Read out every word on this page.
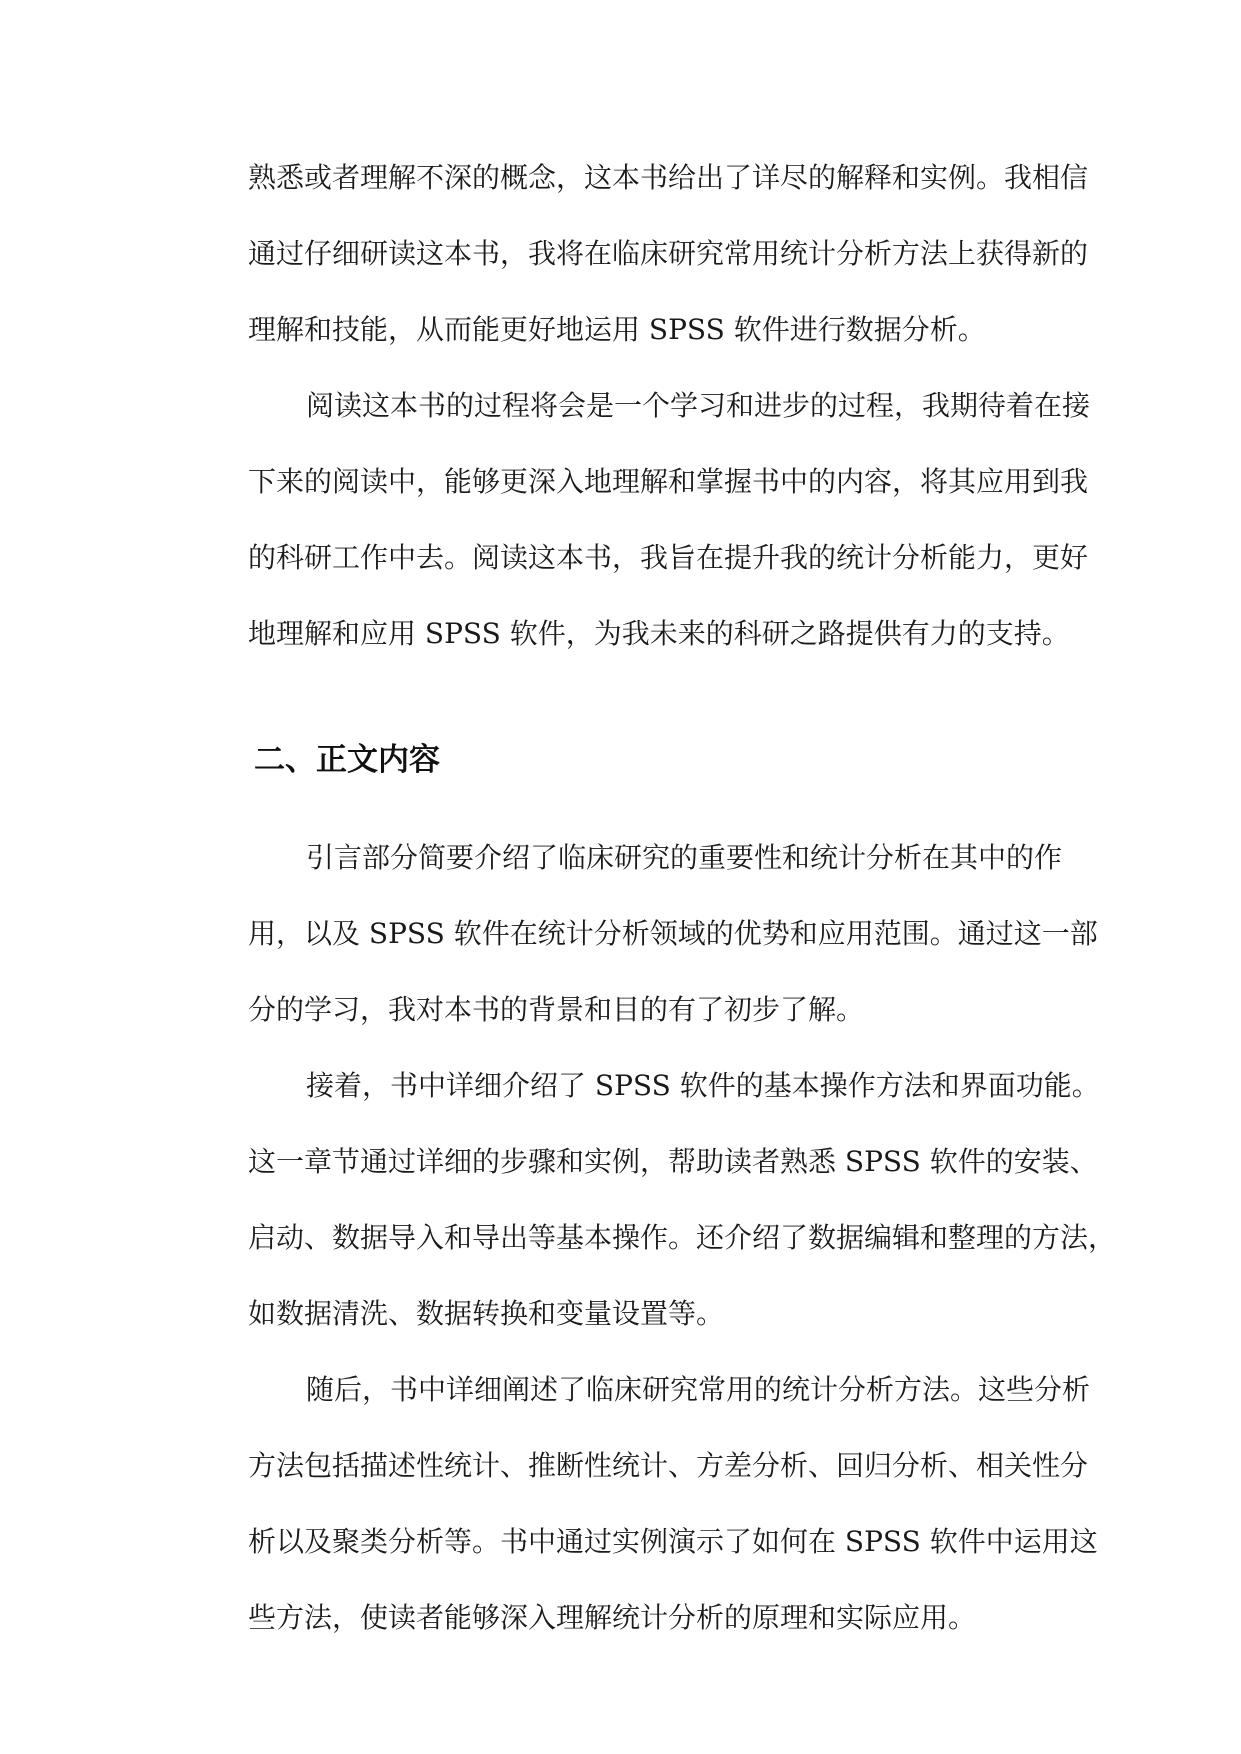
熟悉或者理解不深的概念，这本书给出了详尽的解释和实例。我相信
通过仔细研读这本书，我将在临床研究常用统计分析方法上获得新的
理解和技能，从而能更好地运用 SPSS 软件进行数据分析。
阅读这本书的过程将会是一个学习和进步的过程，我期待着在接
下来的阅读中，能够更深入地理解和掌握书中的内容，将其应用到我
的科研工作中去。阅读这本书，我旨在提升我的统计分析能力，更好
地理解和应用 SPSS 软件，为我未来的科研之路提供有力的支持。
二、正文内容
引言部分简要介绍了临床研究的重要性和统计分析在其中的作
用，以及 SPSS 软件在统计分析领域的优势和应用范围。通过这一部
分的学习，我对本书的背景和目的有了初步了解。
接着，书中详细介绍了 SPSS 软件的基本操作方法和界面功能。
这一章节通过详细的步骤和实例，帮助读者熟悉 SPSS 软件的安装、
启动、数据导入和导出等基本操作。还介绍了数据编辑和整理的方法，
如数据清洗、数据转换和变量设置等。
随后，书中详细阐述了临床研究常用的统计分析方法。这些分析
方法包括描述性统计、推断性统计、方差分析、回归分析、相关性分
析以及聚类分析等。书中通过实例演示了如何在 SPSS 软件中运用这
些方法，使读者能够深入理解统计分析的原理和实际应用。
